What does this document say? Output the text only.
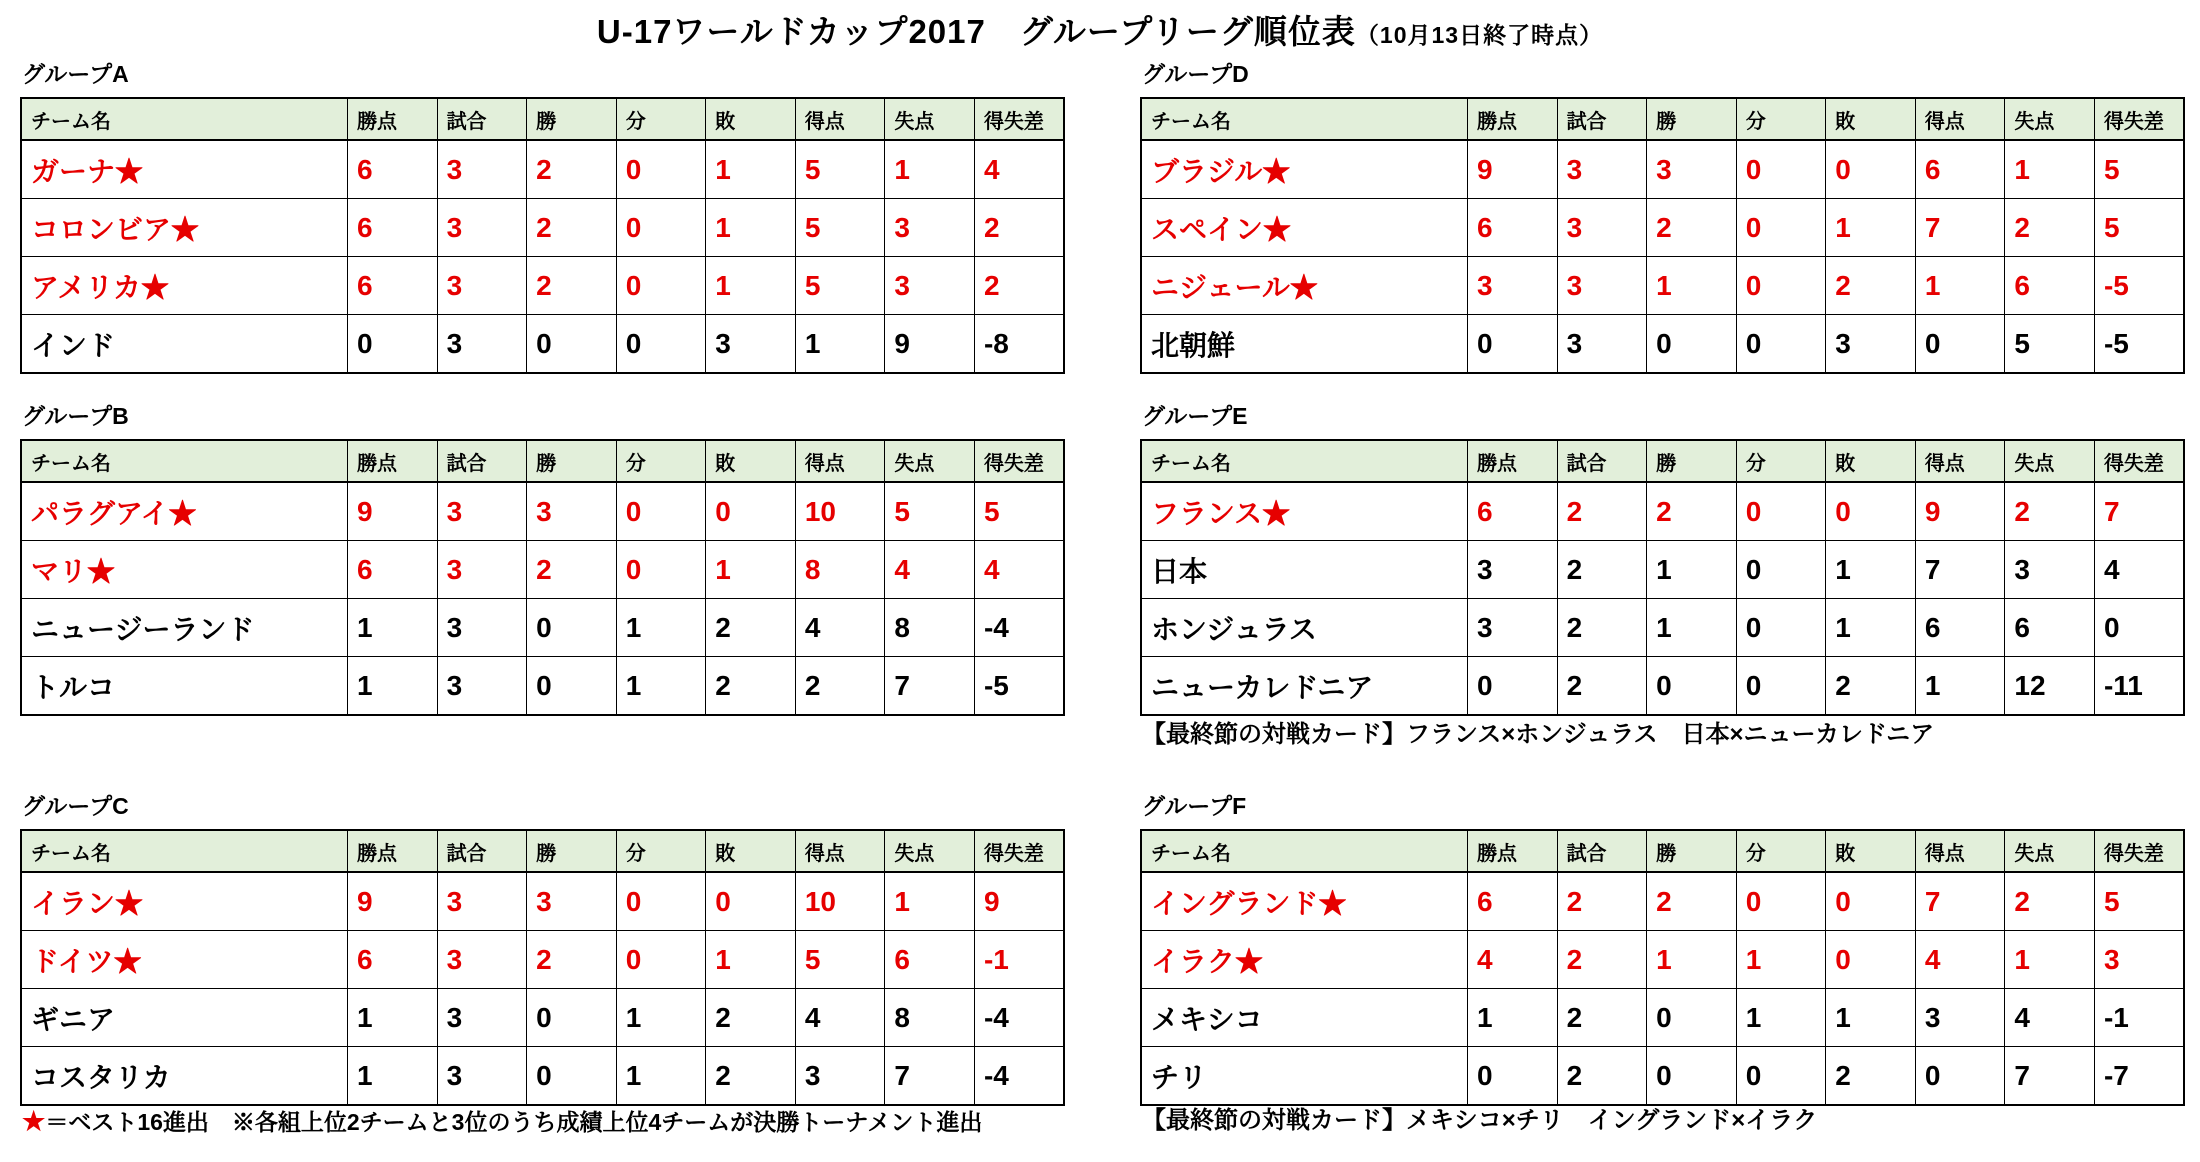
U-17ワールドカップ2017　グループリーグ順位表（10月13日終了時点）
グループA
チーム名	勝点	試合	勝	分	敗	得点	失点	得失差
ガーナ★	6	3	2	0	1	5	1	4
コロンビア★	6	3	2	0	1	5	3	2
アメリカ★	6	3	2	0	1	5	3	2
インド	0	3	0	0	3	1	9	-8
グループB
チーム名	勝点	試合	勝	分	敗	得点	失点	得失差
パラグアイ★	9	3	3	0	0	10	5	5
マリ★	6	3	2	0	1	8	4	4
ニュージーランド	1	3	0	1	2	4	8	-4
トルコ	1	3	0	1	2	2	7	-5
グループC
チーム名	勝点	試合	勝	分	敗	得点	失点	得失差
イラン★	9	3	3	0	0	10	1	9
ドイツ★	6	3	2	0	1	5	6	-1
ギニア	1	3	0	1	2	4	8	-4
コスタリカ	1	3	0	1	2	3	7	-4
グループD
チーム名	勝点	試合	勝	分	敗	得点	失点	得失差
ブラジル★	9	3	3	0	0	6	1	5
スペイン★	6	3	2	0	1	7	2	5
ニジェール★	3	3	1	0	2	1	6	-5
北朝鮮	0	3	0	0	3	0	5	-5
グループE
チーム名	勝点	試合	勝	分	敗	得点	失点	得失差
フランス★	6	2	2	0	0	9	2	7
日本	3	2	1	0	1	7	3	4
ホンジュラス	3	2	1	0	1	6	6	0
ニューカレドニア	0	2	0	0	2	1	12	-11
グループF
チーム名	勝点	試合	勝	分	敗	得点	失点	得失差
イングランド★	6	2	2	0	0	7	2	5
イラク★	4	2	1	1	0	4	1	3
メキシコ	1	2	0	1	1	3	4	-1
チリ	0	2	0	0	2	0	7	-7
【最終節の対戦カード】フランス×ホンジュラス　日本×ニューカレドニア
【最終節の対戦カード】メキシコ×チリ　イングランド×イラク
★＝ベスト16進出　※各組上位2チームと3位のうち成績上位4チームが決勝トーナメント進出
